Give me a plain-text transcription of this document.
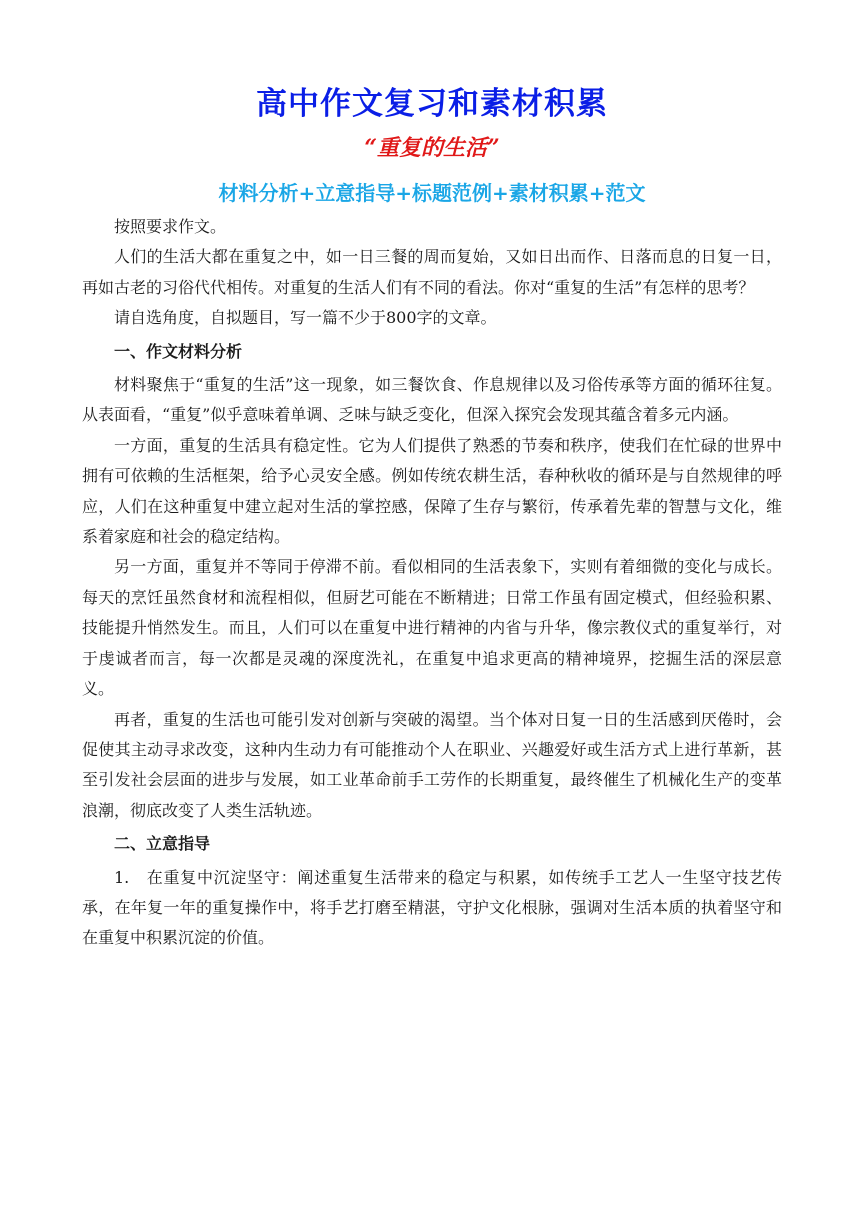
高中作文复习和素材积累
“重复的生活”
材料分析+立意指导+标题范例+素材积累+范文

按照要求作文。

人们的生活大都在重复之中，如一日三餐的周而复始，又如日出而作、日落而息的日复一日，再如古老的习俗代代相传。对重复的生活人们有不同的看法。你对“重复的生活”有怎样的思考？

请自选角度，自拟题目，写一篇不少于800字的文章。

一、作文材料分析

材料聚焦于“重复的生活”这一现象，如三餐饮食、作息规律以及习俗传承等方面的循环往复。从表面看，“重复”似乎意味着单调、乏味与缺乏变化，但深入探究会发现其蕴含着多元内涵。

一方面，重复的生活具有稳定性。它为人们提供了熟悉的节奏和秩序，使我们在忙碌的世界中拥有可依赖的生活框架，给予心灵安全感。例如传统农耕生活，春种秋收的循环是与自然规律的呼应，人们在这种重复中建立起对生活的掌控感，保障了生存与繁衍，传承着先辈的智慧与文化，维系着家庭和社会的稳定结构。

另一方面，重复并不等同于停滞不前。看似相同的生活表象下，实则有着细微的变化与成长。每天的烹饪虽然食材和流程相似，但厨艺可能在不断精进；日常工作虽有固定模式，但经验积累、技能提升悄然发生。而且，人们可以在重复中进行精神的内省与升华，像宗教仪式的重复举行，对于虔诚者而言，每一次都是灵魂的深度洗礼，在重复中追求更高的精神境界，挖掘生活的深层意义。

再者，重复的生活也可能引发对创新与突破的渴望。当个体对日复一日的生活感到厌倦时，会促使其主动寻求改变，这种内生动力有可能推动个人在职业、兴趣爱好或生活方式上进行革新，甚至引发社会层面的进步与发展，如工业革命前手工劳作的长期重复，最终催生了机械化生产的变革浪潮，彻底改变了人类生活轨迹。

二、立意指导

1.　在重复中沉淀坚守：阐述重复生活带来的稳定与积累，如传统手工艺人一生坚守技艺传承，在年复一年的重复操作中，将手艺打磨至精湛，守护文化根脉，强调对生活本质的执着坚守和在重复中积累沉淀的价值。
